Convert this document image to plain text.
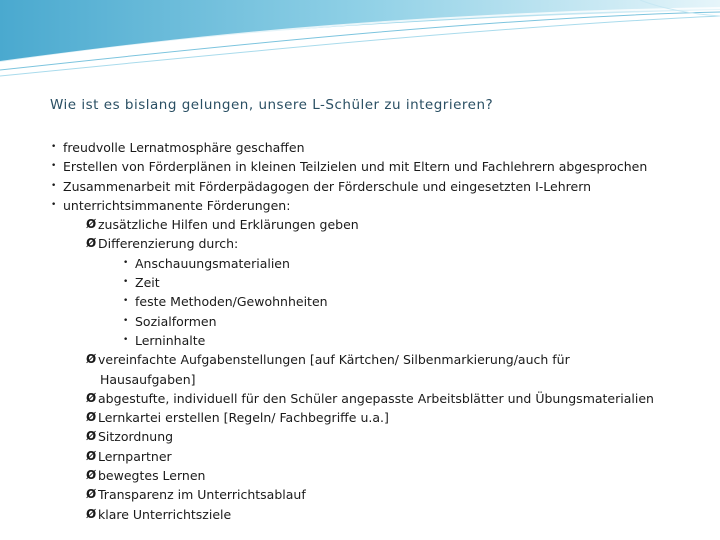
Wie ist es bislang gelungen, unsere L-Schüler zu integrieren?
• freudvolle Lernatmosphäre geschaffen
• Erstellen von Förderplänen in kleinen Teilzielen und mit Eltern und Fachlehrern abgesprochen
• Zusammenarbeit mit Förderpädagogen der Förderschule und eingesetzten I-Lehrern
• unterrichtsimmanente Förderungen:
Ø zusätzliche Hilfen und Erklärungen geben
Ø Differenzierung durch:
• Anschauungsmaterialien
• Zeit
• feste Methoden/Gewohnheiten
• Sozialformen
• Lerninhalte
Ø vereinfachte Aufgabenstellungen [auf Kärtchen/ Silbenmarkierung/auch für
Hausaufgaben]
Ø abgestufte, individuell für den Schüler angepasste Arbeitsblätter und Übungsmaterialien
Ø Lernkartei erstellen [Regeln/ Fachbegriffe u.a.]
Ø Sitzordnung
Ø Lernpartner
Ø bewegtes Lernen
Ø Transparenz im Unterrichtsablauf
Ø klare Unterrichtsziele
